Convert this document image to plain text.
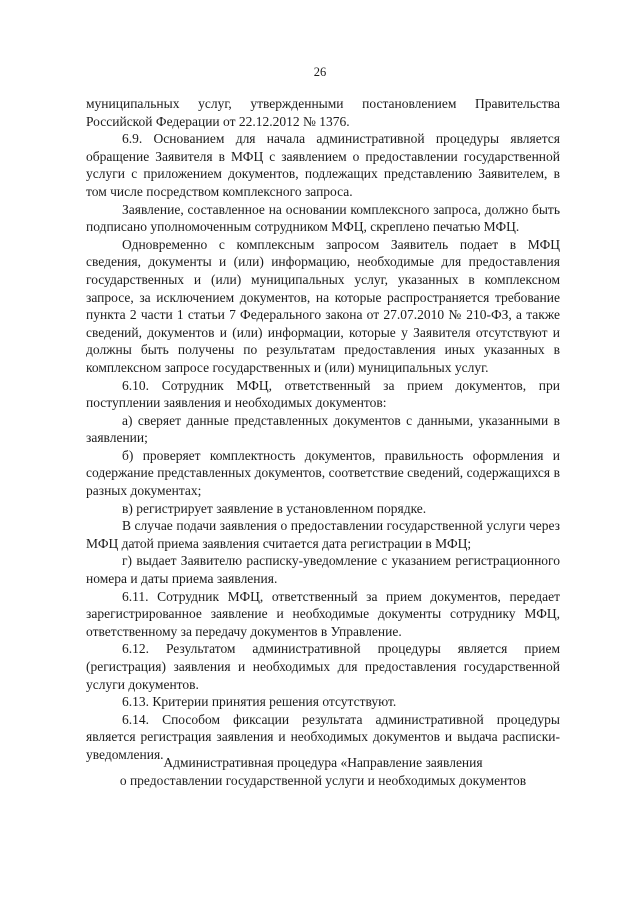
26

муниципальных услуг, утвержденными постановлением Правительства Российской Федерации от 22.12.2012 № 1376.

6.9. Основанием для начала административной процедуры является обращение Заявителя в МФЦ с заявлением о предоставлении государственной услуги с приложением документов, подлежащих представлению Заявителем, в том числе посредством комплексного запроса.

Заявление, составленное на основании комплексного запроса, должно быть подписано уполномоченным сотрудником МФЦ, скреплено печатью МФЦ.

Одновременно с комплексным запросом Заявитель подает в МФЦ сведения, документы и (или) информацию, необходимые для предоставления государственных и (или) муниципальных услуг, указанных в комплексном запросе, за исключением документов, на которые распространяется требование пункта 2 части 1 статьи 7 Федерального закона от 27.07.2010 № 210-ФЗ, а также сведений, документов и (или) информации, которые у Заявителя отсутствуют и должны быть получены по результатам предоставления иных указанных в комплексном запросе государственных и (или) муниципальных услуг.

6.10. Сотрудник МФЦ, ответственный за прием документов, при поступлении заявления и необходимых документов:

а) сверяет данные представленных документов с данными, указанными в заявлении;

б) проверяет комплектность документов, правильность оформления и содержание представленных документов, соответствие сведений, содержащихся в разных документах;

в) регистрирует заявление в установленном порядке.

В случае подачи заявления о предоставлении государственной услуги через МФЦ датой приема заявления считается дата регистрации в МФЦ;

г) выдает Заявителю расписку-уведомление с указанием регистрационного номера и даты приема заявления.

6.11. Сотрудник МФЦ, ответственный за прием документов, передает зарегистрированное заявление и необходимые документы сотруднику МФЦ, ответственному за передачу документов в Управление.

6.12. Результатом административной процедуры является прием (регистрация) заявления и необходимых для предоставления государственной услуги документов.

6.13. Критерии принятия решения отсутствуют.

6.14. Способом фиксации результата административной процедуры является регистрация заявления и необходимых документов и выдача расписки-уведомления.

Административная процедура «Направление заявления
о предоставлении государственной услуги и необходимых документов
